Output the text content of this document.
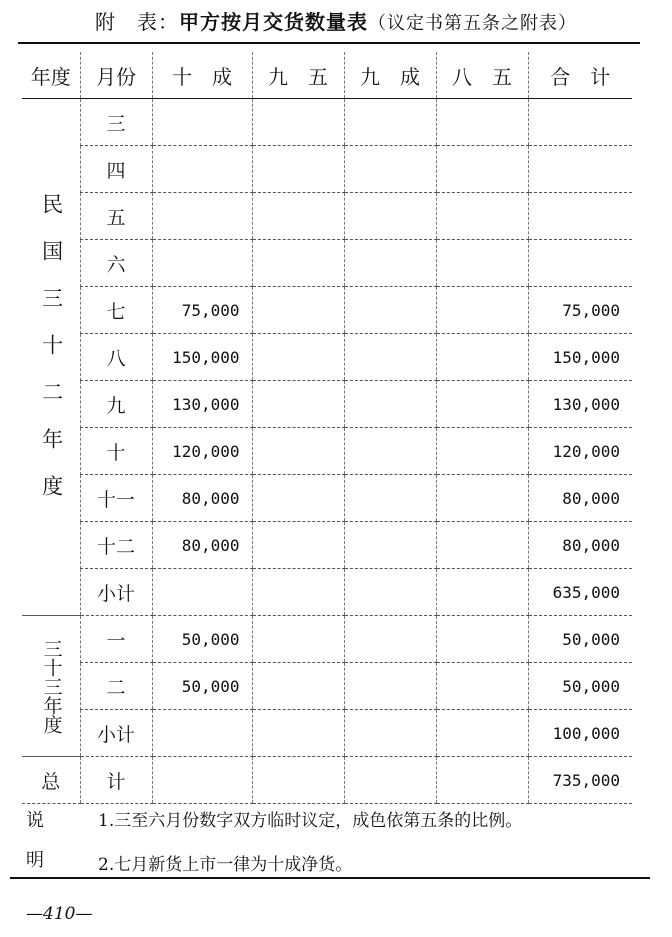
附　表：甲方按月交货数量表（议定书第五条之附表）
年度	月份	十　成	九　五	九　成	八　五	合　计

民国三十二年度	三					
	四					
	五					
	六					
	七	75,000				75,000
	八	150,000				150,000
	九	130,000				130,000
	十	120,000				120,000
	十一	80,000				80,000
	十二	80,000				80,000
	小计					635,000

三十三年度	一	50,000				50,000
	二	50,000				50,000
	小计					100,000
总	计					735,000
说
明
1.三至六月份数字双方临时议定，成色依第五条的比例。
2.七月新货上市一律为十成净货。
—410—
